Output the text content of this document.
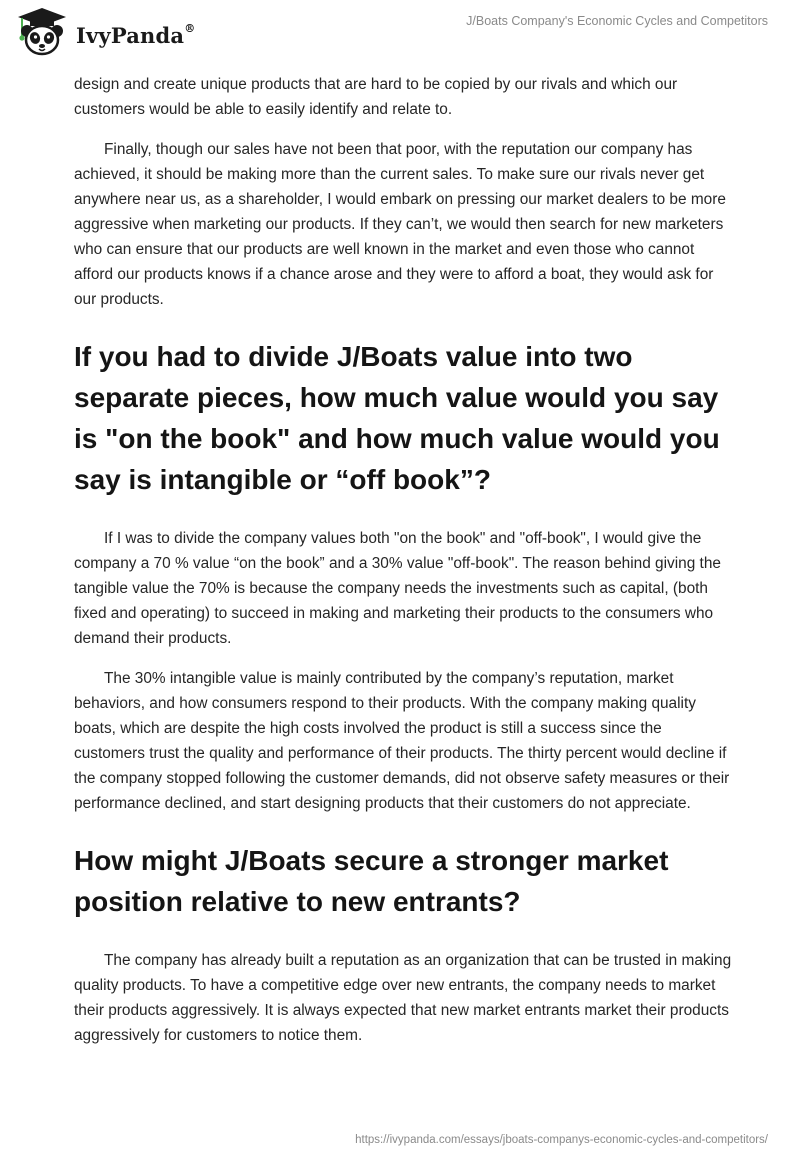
IvyPanda®	J/Boats Company's Economic Cycles and Competitors

design and create unique products that are hard to be copied by our rivals and which our customers would be able to easily identify and relate to.

Finally, though our sales have not been that poor, with the reputation our company has achieved, it should be making more than the current sales. To make sure our rivals never get anywhere near us, as a shareholder, I would embark on pressing our market dealers to be more aggressive when marketing our products. If they can’t, we would then search for new marketers who can ensure that our products are well known in the market and even those who cannot afford our products knows if a chance arose and they were to afford a boat, they would ask for our products.

If you had to divide J/Boats value into two separate pieces, how much value would you say is "on the book" and how much value would you say is intangible or “off book”?

If I was to divide the company values both "on the book" and "off-book", I would give the company a 70 % value “on the book” and a 30% value "off-book". The reason behind giving the tangible value the 70% is because the company needs the investments such as capital, (both fixed and operating) to succeed in making and marketing their products to the consumers who demand their products.

The 30% intangible value is mainly contributed by the company’s reputation, market behaviors, and how consumers respond to their products. With the company making quality boats, which are despite the high costs involved the product is still a success since the customers trust the quality and performance of their products. The thirty percent would decline if the company stopped following the customer demands, did not observe safety measures or their performance declined, and start designing products that their customers do not appreciate.

How might J/Boats secure a stronger market position relative to new entrants?

The company has already built a reputation as an organization that can be trusted in making quality products. To have a competitive edge over new entrants, the company needs to market their products aggressively. It is always expected that new market entrants market their products aggressively for customers to notice them.

https://ivypanda.com/essays/jboats-companys-economic-cycles-and-competitors/
